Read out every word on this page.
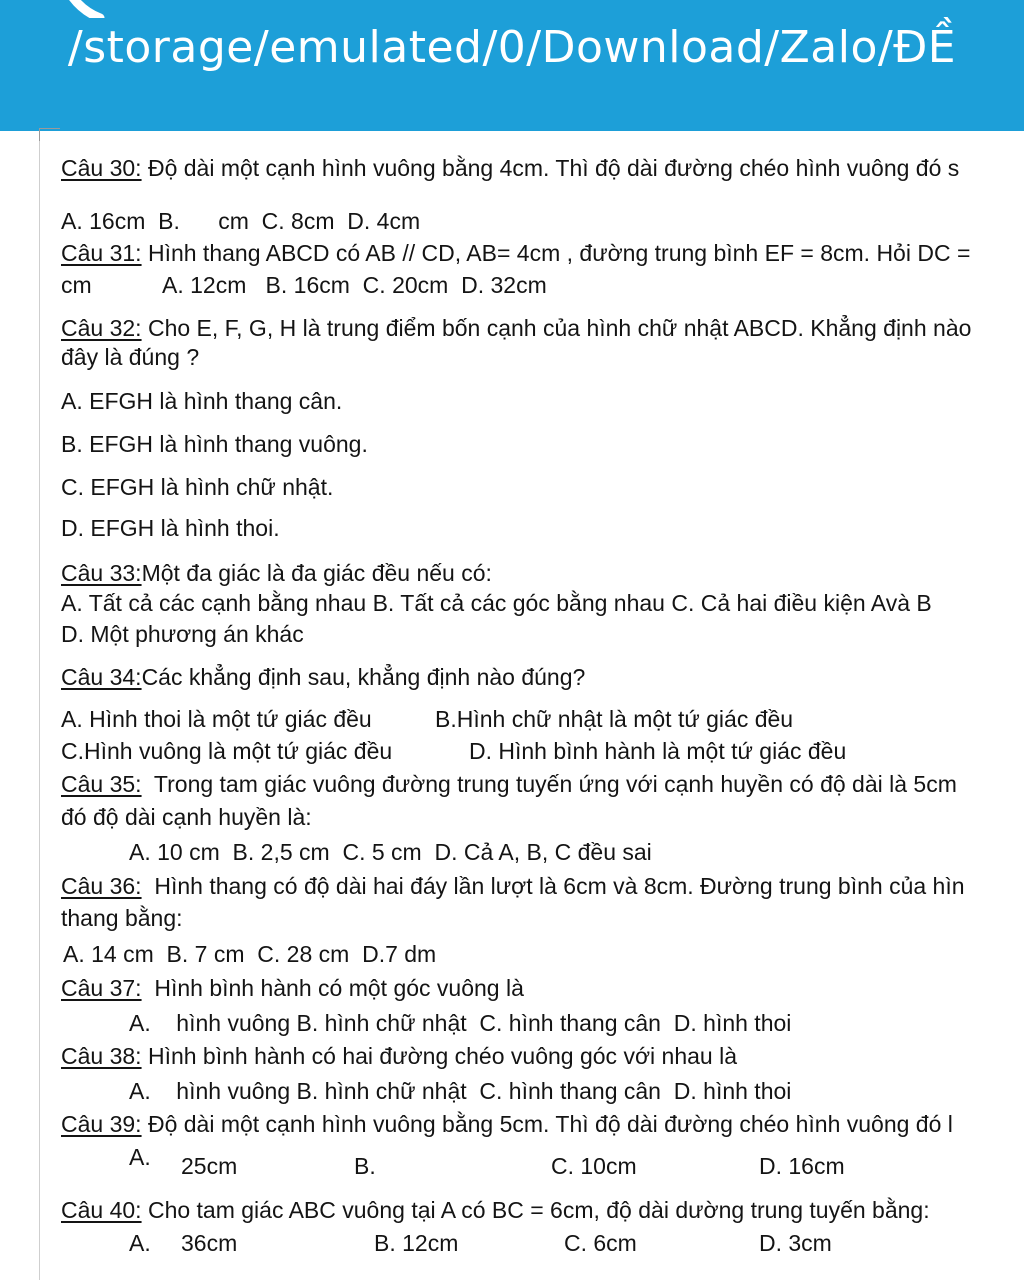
/storage/emulated/0/Download/Zalo/ĐỀ
Câu 30: Độ dài một cạnh hình vuông bằng 4cm. Thì độ dài đường chéo hình vuông đó s
A. 16cm  B.      cm  C. 8cm  D. 4cm
Câu 31: Hình thang ABCD có AB // CD, AB= 4cm , đường trung bình EF = 8cm. Hỏi DC =
cm	A. 12cm   B. 16cm  C. 20cm  D. 32cm
Câu 32: Cho E, F, G, H là trung điểm bốn cạnh của hình chữ nhật ABCD. Khẳng định nào
đây là đúng ?
A. EFGH là hình thang cân.
B. EFGH là hình thang vuông.
C. EFGH là hình chữ nhật.
D. EFGH là hình thoi.
Câu 33:Một đa giác là đa giác đều nếu có:
A. Tất cả các cạnh bằng nhau B. Tất cả các góc bằng nhau C. Cả hai điều kiện Avà B
D. Một phương án khác
Câu 34:Các khẳng định sau, khẳng định nào đúng?
A. Hình thoi là một tứ giác đều	B.Hình chữ nhật là một tứ giác đều
C.Hình vuông là một tứ giác đều	D. Hình bình hành là một tứ giác đều
Câu 35:  Trong tam giác vuông đường trung tuyến ứng với cạnh huyền có độ dài là 5cm
đó độ dài cạnh huyền là:
A. 10 cm  B. 2,5 cm  C. 5 cm  D. Cả A, B, C đều sai
Câu 36:  Hình thang có độ dài hai đáy lần lượt là 6cm và 8cm. Đường trung bình của hìn
thang bằng:
A. 14 cm  B. 7 cm  C. 28 cm  D.7 dm
Câu 37:  Hình bình hành có một góc vuông là
A.    hình vuông B. hình chữ nhật  C. hình thang cân  D. hình thoi
Câu 38: Hình bình hành có hai đường chéo vuông góc với nhau là
A.    hình vuông B. hình chữ nhật  C. hình thang cân  D. hình thoi
Câu 39: Độ dài một cạnh hình vuông bằng 5cm. Thì độ dài đường chéo hình vuông đó l
A. 25cm	B.	C. 10cm	D. 16cm
Câu 40: Cho tam giác ABC vuông tại A có BC = 6cm, độ dài dường trung tuyến bằng:
A. 36cm	B. 12cm	C. 6cm	D. 3cm
